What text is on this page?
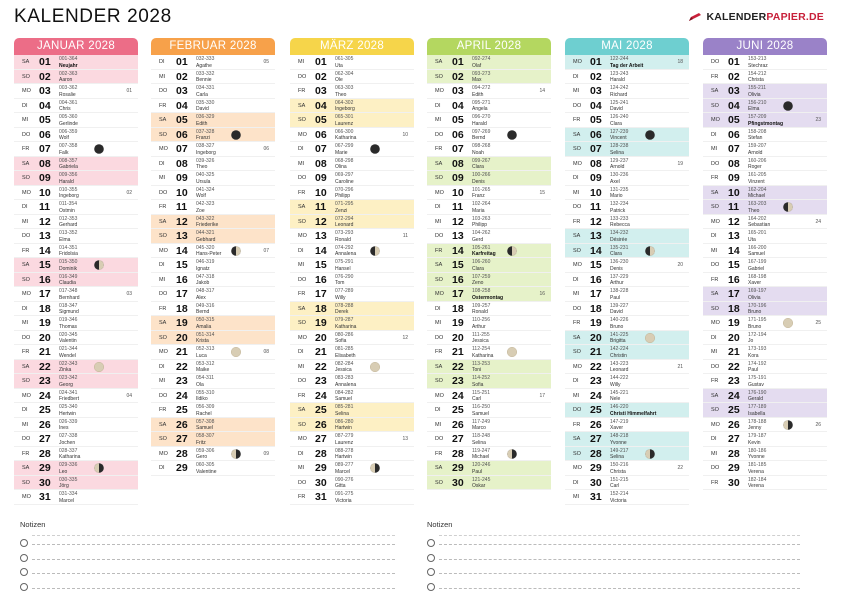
KALENDER 2028	KALENDERPAPIER.DE
JANUAR 2028
SA 01 001-364
Neujahr
SO 02 002-363
Aaron
MO 03 003-362
Rosalie
01
DI 04 004-361
Chris
MI 05 005-360
Gerlinde
DO 06 006-359
Wolf
FR 07 007-358
Falk
SA 08 008-357
Gabriela
SO 09 009-356
Harald
MO 10 010-355
Ingeborg
02
DI 11 011-354
Ostmin
MI 12 012-353
Gerhard
DO 13 013-352
Elma
FR 14 014-351
Fridolsia
SA 15 015-350
Dominik
SO 16 016-349
Claudia
MO 17 017-348
Bernhard
03
DI 18 018-347
Sigmund
MI 19 019-346
Thomas
DO 20 020-345
Valentin
FR 21 021-344
Wendel
SA 22 022-343
Zinka
SO 23 023-342
Georg
MO 24 024-341
Friedbert
04
DI 25 025-340
Hertwin
MI 26 026-339
Ines
DO 27 027-338
Jochen
FR 28 028-337
Katharina
SA 29 029-336
Leo
SO 30 030-335
Jörg
MO 31 031-334
Marcel
FEBRUAR 2028
DI 01 032-333
Agathe
05
MI 02 033-332
Bennie
DO 03 034-331
Carla
FR 04 035-330
David
SA 05 036-329
Edith
SO 06 037-328
Franzi
MO 07 038-327
Ingeborg
06
DI 08 039-326
Theo
MI 09 040-325
Ursula
DO 10 041-324
Wolf
FR 11 042-323
Zoe
SA 12 043-322
Friederike
SO 13 044-321
Gebhard
MO 14 045-320
Hans-Peter
07
DI 15 046-319
Ignatz
MI 16 047-318
Jakob
DO 17 048-317
Alex
FR 18 049-316
Bernd
SA 19 050-315
Amalia
SO 20 051-314
Krista
MO 21 052-313
Luca
08
DI 22 053-312
Maike
MI 23 054-311
Ola
DO 24 055-310
Ildiko
FR 25 056-309
Rachel
SA 26 057-308
Samuel
SO 27 058-307
Fritz
MO 28 059-306
Gero
09
DI 29 060-305
Valentine
MÄRZ 2028
MI 01 061-305
Uta
DO 02 062-304
Ole
FR 03 063-303
Theo
SA 04 064-302
Ingeborg
SO 05 065-301
Laurenz
MO 06 066-300
Katharina
10
DI 07 067-299
Marie
MI 08 068-298
Olina
DO 09 069-297
Caroline
FR 10 070-296
Philipp
SA 11 071-295
Zenzi
SO 12 072-294
Leonard
MO 13 073-293
Ronald
11
DI 14 074-292
Annalena
MI 15 075-291
Hansel
DO 16 076-290
Tom
FR 17 077-289
Willy
SA 18 078-288
Derek
SO 19 079-287
Katharina
MO 20 080-286
Sofia
12
DI 21 081-285
Elisabeth
MI 22 082-284
Jessica
DO 23 083-283
Annalena
FR 24 084-282
Samuel
SA 25 085-281
Selina
SO 26 086-280
Hartwin
MO 27 087-279
Laurenz
13
DI 28 088-278
Hartwin
MI 29 089-277
Marcel
DO 30 090-276
Gitta
FR 31 091-275
Victoria
APRIL 2028
SA 01 092-274
Olaf
SO 02 093-273
Max
MO 03 094-272
Edith
14
DI 04 095-271
Angela
MI 05 096-270
Harald
DO 06 097-269
Bernd
FR 07 098-268
Noah
SA 08 099-267
Clara
SO 09 100-266
Denis
MO 10 101-265
Franz
15
DI 11 102-264
Maria
MI 12 103-263
Philipp
DO 13 104-262
Gerd
FR 14 105-261
Karfreitag
SA 15 106-260
Clara
SO 16 107-259
Zeno
MO 17 108-258
Ostermontag
16
DI 18 109-257
Ronald
MI 19 110-256
Arthur
DO 20 111-255
Jessica
FR 21 112-254
Katharina
SA 22 113-253
Toni
SO 23 114-252
Sofia
MO 24 115-251
Carl
17
DI 25 116-250
Samuel
MI 26 117-249
Marco
DO 27 118-248
Selina
FR 28 119-247
Michael
SA 29 120-246
Paul
SO 30 121-245
Oskar
MAI 2028
MO 01 122-244
Tag der Arbeit
18
DI 02 123-243
Harald
MI 03 124-242
Richard
DO 04 125-241
David
FR 05 126-240
Clara
SA 06 127-239
Vincent
SO 07 128-238
Selina
MO 08 129-237
Arnold
19
DI 09 130-236
Axel
MI 10 131-235
Mario
DO 11 132-234
Patrick
FR 12 133-233
Rebecca
SA 13 134-232
Désirée
SO 14 135-231
Clara
MO 15 136-230
Denis
20
DI 16 137-229
Arthur
MI 17 138-228
Paul
DO 18 139-227
David
FR 19 140-226
Bruno
SA 20 141-225
Brigitta
SO 21 142-224
Christin
MO 22 143-223
Leonard
21
DI 23 144-222
Willy
MI 24 145-221
Nele
DO 25 146-220
Christi Himmelfahrt
FR 26 147-219
Xaver
SA 27 148-218
Yvonne
SO 28 149-217
Selina
MO 29 150-216
Christa
22
DI 30 151-215
Carl
MI 31 152-214
Victoria
JUNI 2028
DO 01 153-213
Stechraz
FR 02 154-212
Christa
SA 03 155-211
Olivia
SO 04 156-210
Elma
MO 05 157-209
Pfingstmontag
23
DI 06 158-208
Stefan
MI 07 159-207
Arnold
DO 08 160-206
Roger
FR 09 161-205
Vinzent
SA 10 162-204
Michael
SO 11 163-203
Theo
MO 12 164-202
Sebastian
24
DI 13 165-201
Uta
MI 14 166-200
Samuel
DO 15 167-199
Gabriel
FR 16 168-198
Xaver
SA 17 169-197
Olivia
SO 18 170-196
Bruno
MO 19 171-195
Bruno
25
DI 20 172-194
Jo
MI 21 173-193
Kora
DO 22 174-192
Paul
FR 23 175-191
Gustav
SA 24 176-190
Gerald
SO 25 177-189
Isabella
MO 26 178-188
Jenny
26
DI 27 179-187
Kevin
MI 28 180-186
Yvonne
DO 29 181-185
Verena
FR 30 182-184
Verena
Notizen	Notizen
